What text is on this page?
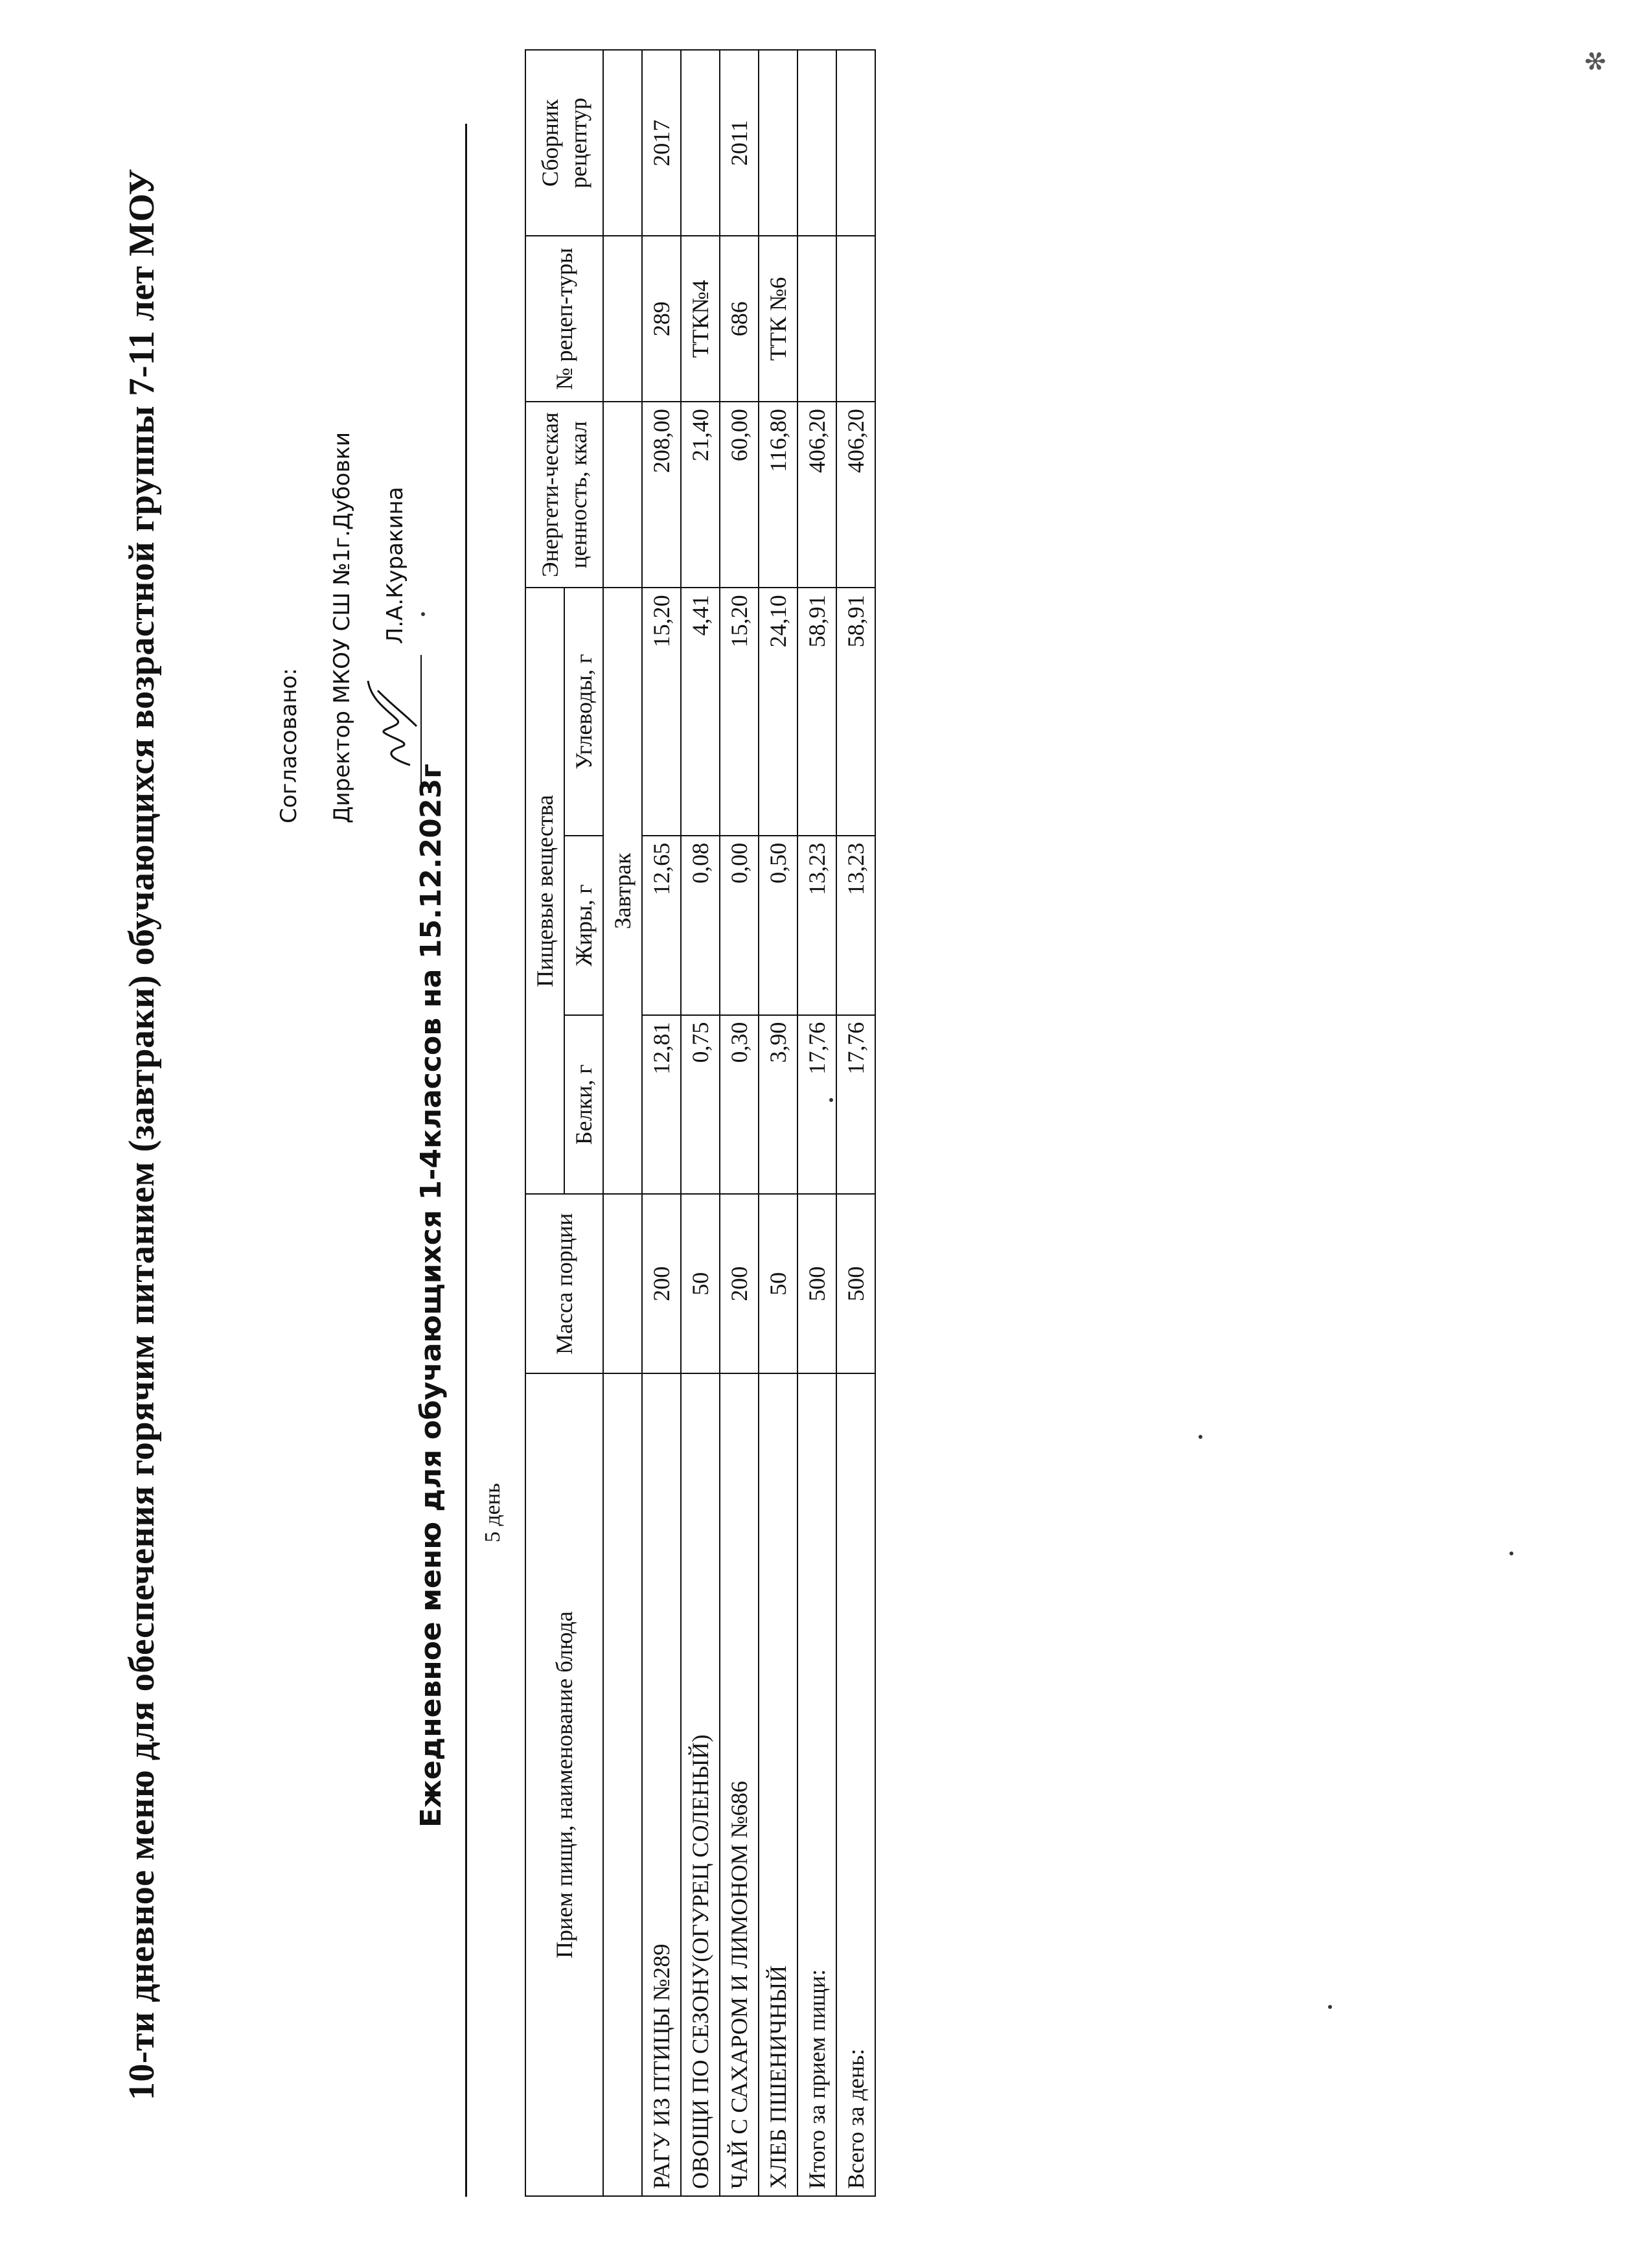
10-ти дневное меню для обеспечения горячим питанием (завтраки) обучающихся возрастной группы 7-11 лет МОУ	Согласовано:	Директор МКОУ СШ №1г.Дубовки	Л.А.Куракина
Ежедневное меню для обучающихся 1-4классов на 15.12.2023г 5 день
Прием пищи, наименование блюда	Масса порции	Пищевые вещества			Энергети-ческая ценность, ккал	№ рецеп-туры	Сборник рецептур
		Белки, г	Жиры, г	Углеводы, г			
		Завтрак					
РАГУ ИЗ ПТИЦЫ №289	200	12,81	12,65	15,20	208,00	289	2017
ОВОЩИ ПО СЕЗОНУ(ОГУРЕЦ СОЛЕНЫЙ)	50	0,75	0,08	4,41	21,40	ТТК№4	
ЧАЙ С САХАРОМ И ЛИМОНОМ №686	200	0,30	0,00	15,20	60,00	686	2011
ХЛЕБ ПШЕНИЧНЫЙ	50	3,90	0,50	24,10	116,80	ТТК №6	
Итого за прием пищи:	500	17,76	13,23	58,91	406,20		
Всего за день:	500	17,76	13,23	58,91	406,20		
✻
